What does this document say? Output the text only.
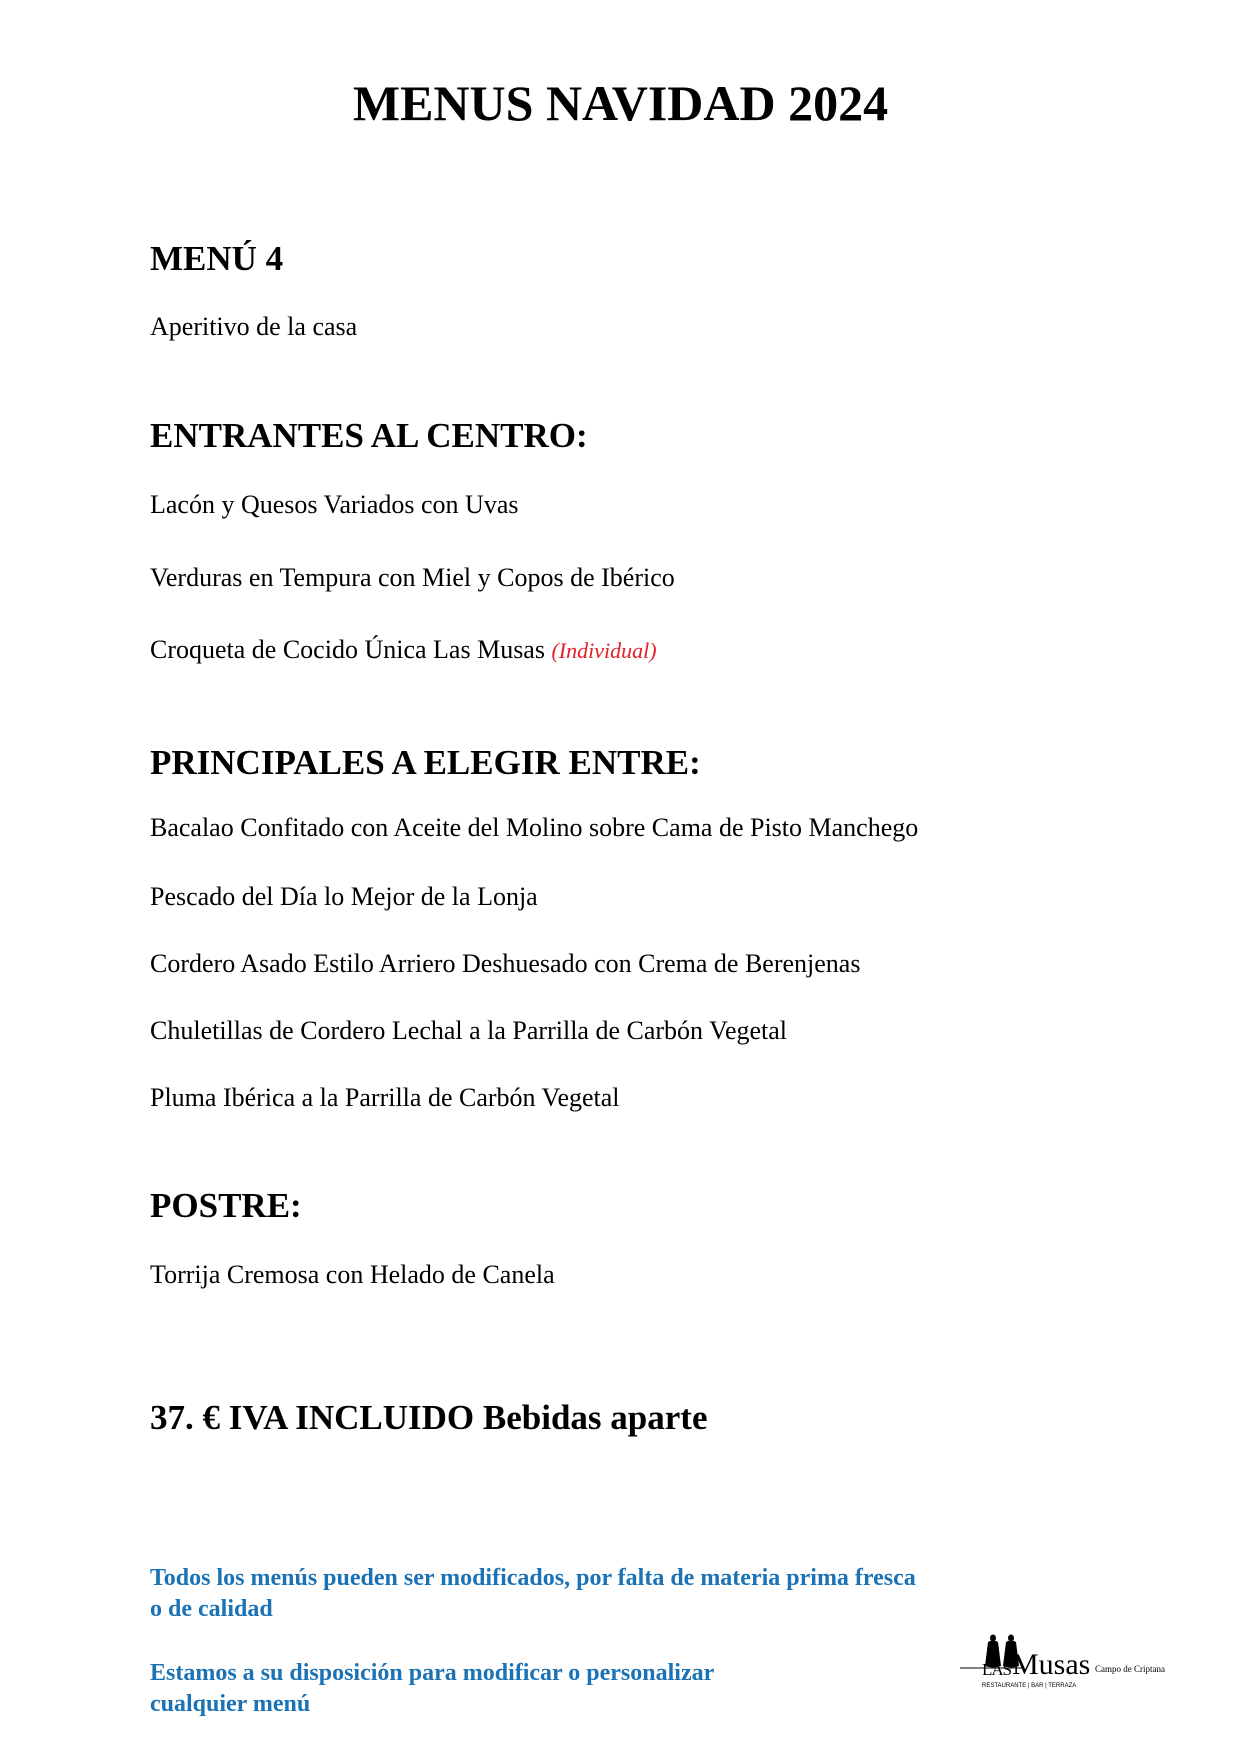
MENUS NAVIDAD 2024
MENÚ 4
Aperitivo de la casa
ENTRANTES AL CENTRO:
Lacón y Quesos Variados con Uvas
Verduras en Tempura con Miel y Copos de Ibérico
Croqueta de Cocido Única Las Musas (Individual)
PRINCIPALES A ELEGIR ENTRE:
Bacalao Confitado con Aceite del Molino sobre Cama de Pisto Manchego
Pescado del Día lo Mejor de la Lonja
Cordero Asado Estilo Arriero Deshuesado con Crema de Berenjenas
Chuletillas de Cordero Lechal a la Parrilla de Carbón Vegetal
Pluma Ibérica a la Parrilla de Carbón Vegetal
POSTRE:
Torrija Cremosa con Helado de Canela
37. € IVA INCLUIDO Bebidas aparte
Todos los menús pueden ser modificados, por falta de materia prima fresca
o de calidad
Estamos a su disposición para modificar o personalizar
cualquier menú
LAS Musas Campo de Criptana
RESTAURANTE | BAR | TERRAZA
